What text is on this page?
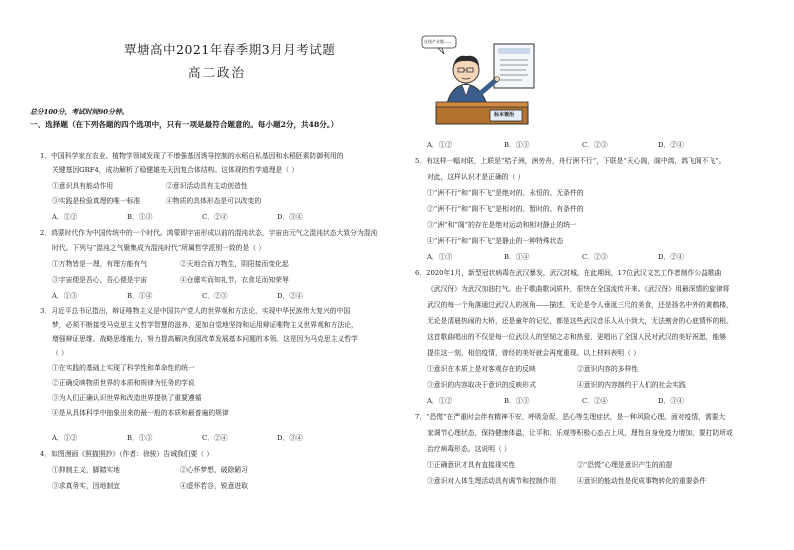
覃塘高中2021年春季期3月月考试题
高二政治
总分100分，考试时间90分钟。
一、选择题（在下列各题的四个选项中，只有一项是最符合题意的。每小题2分，共48分。）
1．中国科学家在农业、植物学领域发现了不增强基因诱导控制的水稻自私基因和水稻胚素防御利用的
关键基因GRF4，成功解析了稳健雄先天因复合体结构。这体现的哲学道理是（ ）
①意识具有能动作用	②意识活动具有主动创造性
③实践是检验真理的唯一标准	④物质的具体形态是可以改变的
A．①②	B．①③	C．②④	D．③④
2．鸿蒙时代作为中国传统中的一个时代。鸿蒙即宇宙形成以前的混沌状态，宇宙由元气之混沌状态大致分为混沌
时代。下列与“混沌之气聚集成为混沌时代”所属哲学派别一致的是（ ）
①万物皆是一理，有理方能有气	②天地合而万物生，阴阳接而变化起
③宇宙便是吾心，吾心便是宇宙	④仓廪实而知礼节，衣食足而知荣辱
A．①③	B．①④	C．②③	D．②④
3．习近平总书记指出，辩证唯物主义是中国共产党人的世界观和方法论，实现中华民族伟大复兴的中国
梦，必须不断接受马克思主义哲学智慧的滋养，更加自觉地坚持和运用辩证唯物主义世界观和方法论，
增强辩证思维、战略思维能力，努力提高解决我国改革发展基本问题的本领。这是因为马克思主义哲学
（ ）
①在实践的基础上实现了科学性和革命性的统一
②正确反映物质世界的本质和规律为任务的学说
③为人们正确认识世界和改造世界提供了重要遵循
④是从具体科学中抽象出来的最一般的本质和最普遍的规律
A．①②	B．①③	C．②④	D．③④
4．如图漫画《照猫照抄》（作者：徐骏）告诫我们要（ ）
①抑制主义，脚踏实地	②心怀梦想，破除陋习
③求真务实，因地制宜	④虚怀若谷，锐意进取
在线产业链——
标本兼治
A．①②	B．①③	C．②③	D．②④
5．有这样一幅对联，上联是“桔子洲，洲旁舟，舟行洲不行”，下联是“天心阁，阁中鸽，鸽飞阁不飞”。
对此，这样认识才是正确的（ ）
①“洲不行”和“阁不飞”是绝对的、永恒的、无条件的
②“洲不行”和“阁不飞”是相对的、暂时的、有条件的
③“洲”和“阁”的存在是绝对运动和相对静止的统一
④“洲不行”和“阁不飞”是静止的一种特殊状态
A．①③	B．①④	C．②③	D．②④
6．2020年1月，新型冠状病毒在武汉暴发，武汉封城。在此期间，17位武汉文艺工作者制作公益歌曲
《武汉伢》为武汉加油打气。由于歌曲歌词质朴，很快在全国流传开来。《武汉伢》用最深情的旋律将
武汉的每一个角落通过武汉人的视角——描述，无论是令人垂涎三尺的美食，还是扬名中外的黄鹤楼，
无论是清晨热闹的大桥，还是童年的记忆，都是这些武汉音乐人从小到大，无法割舍的心底情怀的根。
这首歌曲唱出的不仅是每一位武汉人的坚韧之志和热爱，更唱出了全国人民对武汉的美好祝愿，能够
提住这一刻，相信疫情，曾经的美好就会再度重现。以上材料表明（ ）
①意识在本质上是对客观存在的反映	②意识内容的多样性
③意识的内容取决于意识的反映形式	④意识的内容制约于人们的社会实践
A．①②	B．①③	C．②④	D．③④
7．“恐慌”在严重时会伴有精神不安、呼吸急促、恶心等生理症状，是一种风险心理。面对疫情，需要大
家调节心理状态，保持健康体温，让平和、乐观等积极心态占上风，理性自身免疫力增加，要打防所或
治疗病毒形态。这说明（ ）
①正确意识才具有直接现实性	②“恐慌”心理是意识产生的前提
③意识对人体生理活动具有调节和控制作用	④意识的能动性是促成事物转化的重要条件
